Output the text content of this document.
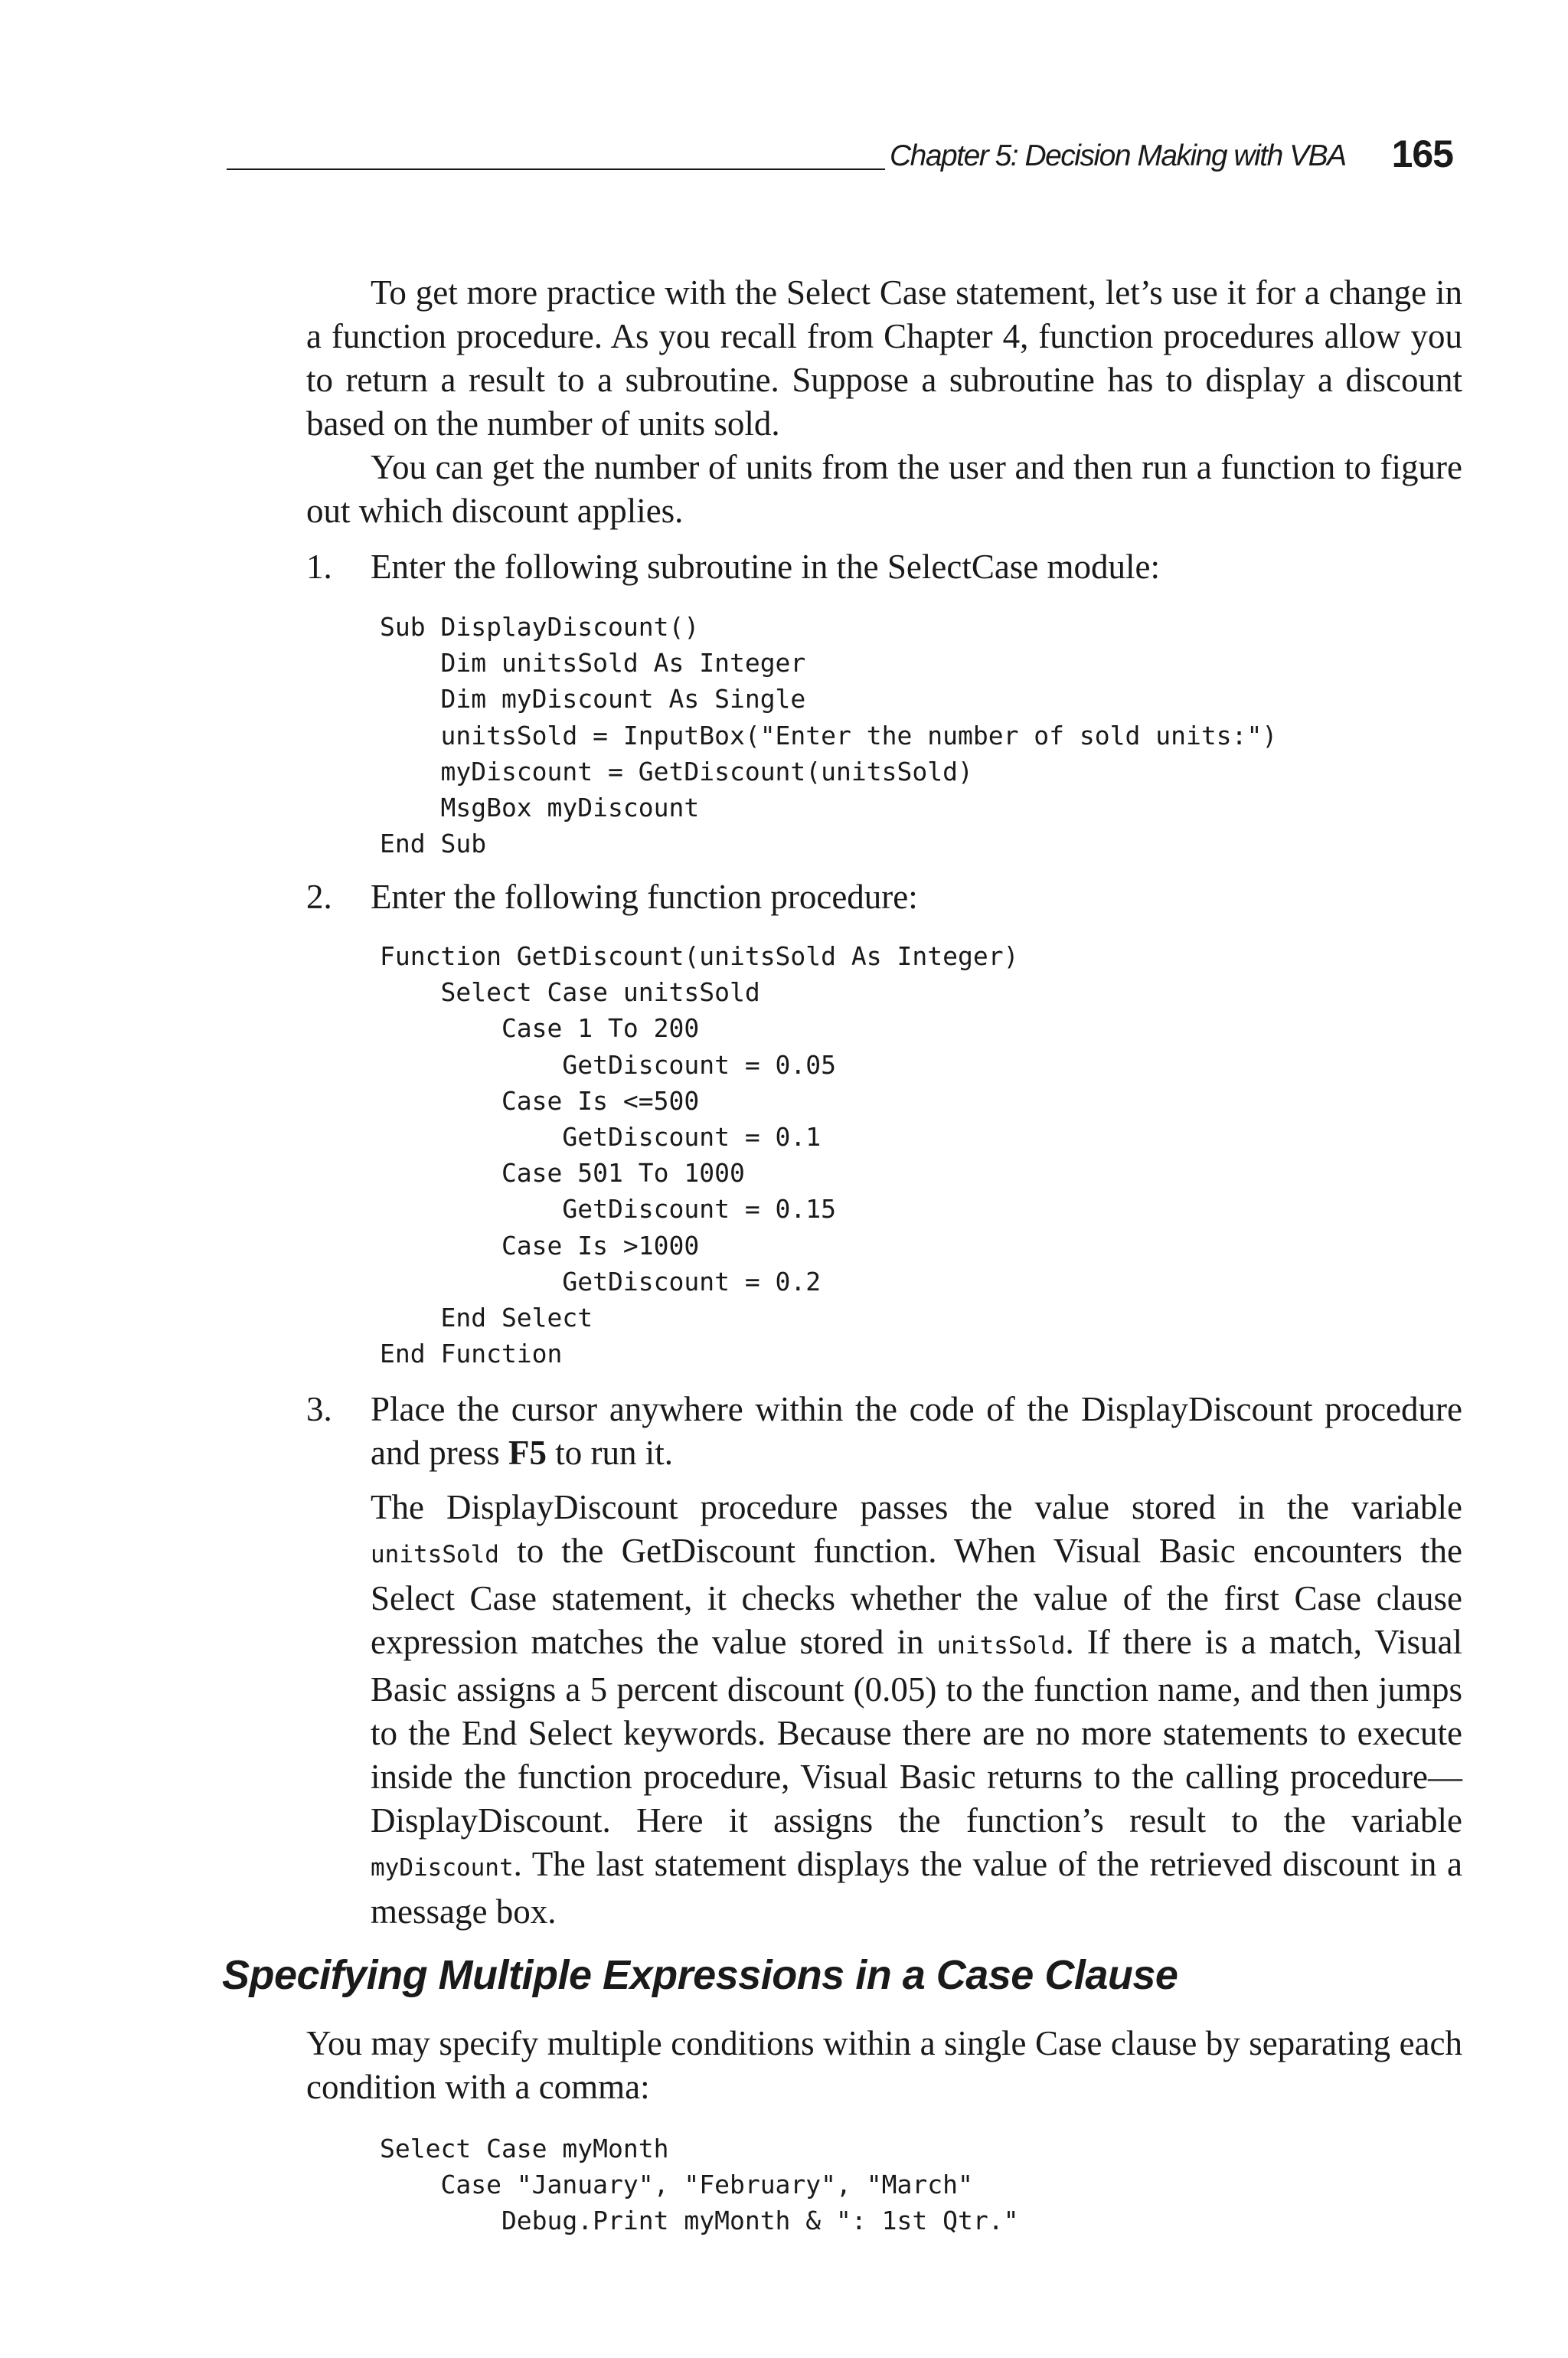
Chapter 5: Decision Making with VBA 165

To get more practice with the Select Case statement, let’s use it for a change in a function procedure. As you recall from Chapter 4, function procedures allow you to return a result to a subroutine. Suppose a subroutine has to display a discount based on the number of units sold.

You can get the number of units from the user and then run a function to figure out which discount applies.

1. Enter the following subroutine in the SelectCase module:
Sub DisplayDiscount()
Dim unitsSold As Integer
Dim myDiscount As Single
unitsSold = InputBox("Enter the number of sold units:")
myDiscount = GetDiscount(unitsSold)
MsgBox myDiscount
End Sub
2. Enter the following function procedure:
Function GetDiscount(unitsSold As Integer)
Select Case unitsSold
Case 1 To 200
GetDiscount = 0.05
Case Is <=500
GetDiscount = 0.1
Case 501 To 1000
GetDiscount = 0.15
Case Is >1000
GetDiscount = 0.2
End Select
End Function
3. Place the cursor anywhere within the code of the DisplayDiscount procedure and press F5 to run it.

The DisplayDiscount procedure passes the value stored in the variable unitsSold to the GetDiscount function. When Visual Basic encounters the Select Case statement, it checks whether the value of the first Case clause expression matches the value stored in unitsSold. If there is a match, Visual Basic assigns a 5 percent discount (0.05) to the function name, and then jumps to the End Select keywords. Because there are no more statements to execute inside the function procedure, Visual Basic returns to the calling procedure—DisplayDiscount. Here it assigns the function’s result to the variable myDiscount. The last statement displays the value of the retrieved discount in a message box.

Specifying Multiple Expressions in a Case Clause

You may specify multiple conditions within a single Case clause by separating each condition with a comma:

Select Case myMonth
Case "January", "February", "March"
Debug.Print myMonth & ": 1st Qtr."
